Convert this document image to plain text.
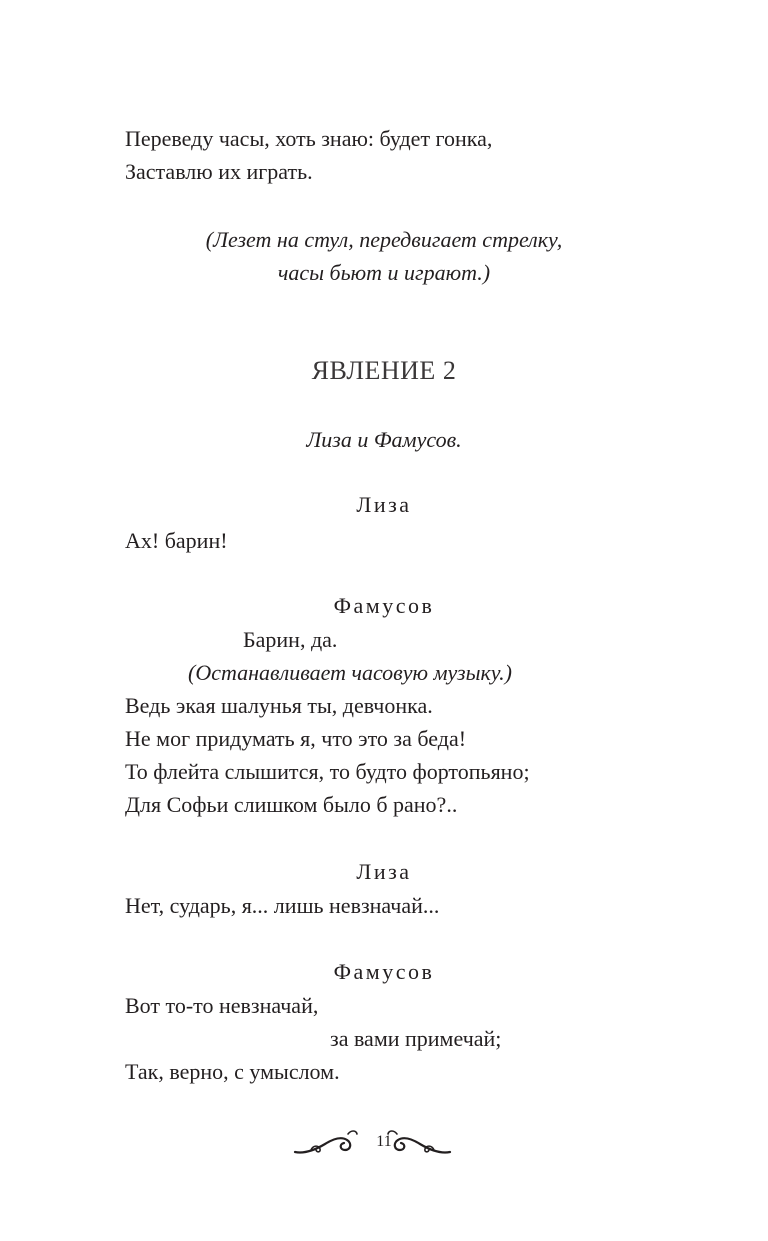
Переведу часы, хоть знаю: будет гонка,
Заставлю их играть.
(Лезет на стул, передвигает стрелку,
часы бьют и играют.)
ЯВЛЕНИЕ 2
Лиза и Фамусов.
Лиза
Ах! барин!
Фамусов
Барин, да.
(Останавливает часовую музыку.)
Ведь экая шалунья ты, девчонка.
Не мог придумать я, что это за беда!
То флейта слышится, то будто фортопьяно;
Для Софьи слишком было б рано?..
Лиза
Нет, сударь, я... лишь невзначай...
Фамусов
Вот то-то невзначай,
за вами примечай;
Так, верно, с умыслом.
11
